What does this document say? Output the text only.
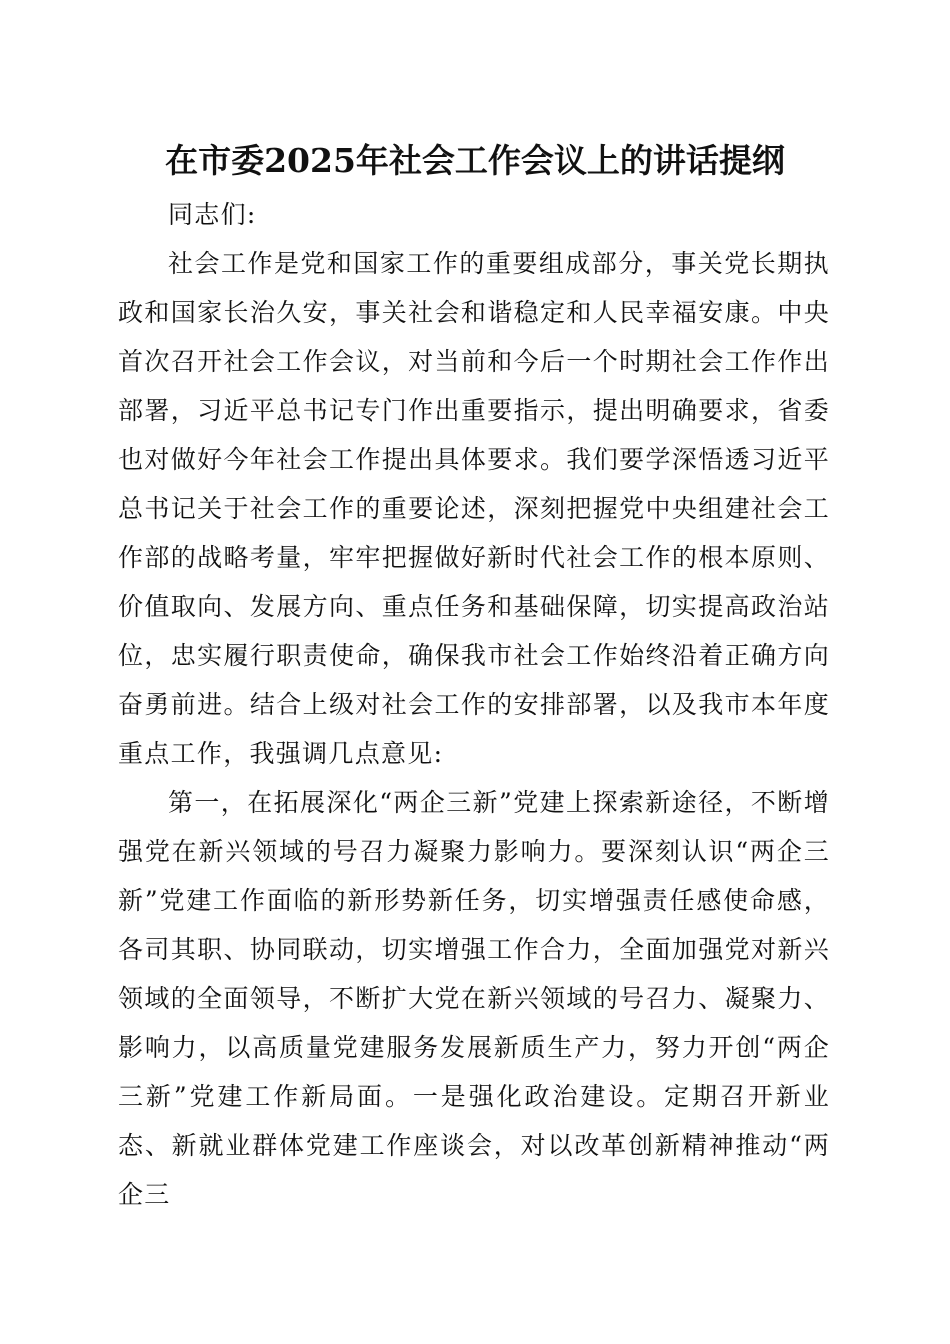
在市委2025年社会工作会议上的讲话提纲

同志们:

社会工作是党和国家工作的重要组成部分，事关党长期执政和国家长治久安，事关社会和谐稳定和人民幸福安康。中央首次召开社会工作会议，对当前和今后一个时期社会工作作出部署，习近平总书记专门作出重要指示，提出明确要求，省委也对做好今年社会工作提出具体要求。我们要学深悟透习近平总书记关于社会工作的重要论述，深刻把握党中央组建社会工作部的战略考量，牢牢把握做好新时代社会工作的根本原则、价值取向、发展方向、重点任务和基础保障，切实提高政治站位，忠实履行职责使命，确保我市社会工作始终沿着正确方向奋勇前进。结合上级对社会工作的安排部署，以及我市本年度重点工作，我强调几点意见:

第一，在拓展深化“两企三新”党建上探索新途径，不断增强党在新兴领域的号召力凝聚力影响力。要深刻认识“两企三新”党建工作面临的新形势新任务，切实增强责任感使命感，各司其职、协同联动，切实增强工作合力，全面加强党对新兴领域的全面领导，不断扩大党在新兴领域的号召力、凝聚力、影响力，以高质量党建服务发展新质生产力，努力开创“两企三新”党建工作新局面。一是强化政治建设。定期召开新业态、新就业群体党建工作座谈会，对以改革创新精神推动“两企三
